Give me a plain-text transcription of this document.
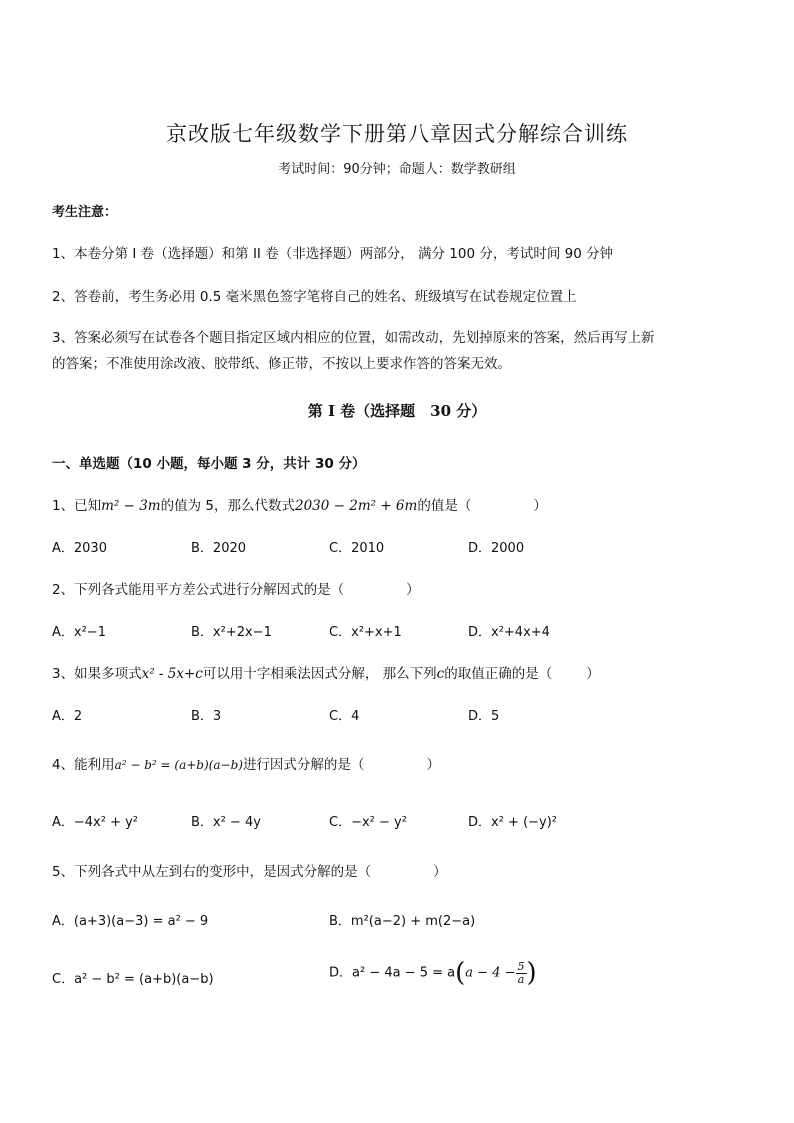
京改版七年级数学下册第八章因式分解综合训练
考试时间：90分钟；命题人：数学教研组
考生注意：
1、本卷分第 I 卷（选择题）和第 II 卷（非选择题）两部分， 满分 100 分，考试时间 90 分钟
2、答卷前，考生务必用 0.5 毫米黑色签字笔将自己的姓名、班级填写在试卷规定位置上
3、答案必须写在试卷各个题目指定区域内相应的位置，如需改动，先划掉原来的答案，然后再写上新
的答案；不准使用涂改液、胶带纸、修正带，不按以上要求作答的答案无效。
第 I 卷（选择题　30 分）
一、单选题（10 小题，每小题 3 分，共计 30 分）
1、已知m² − 3m的值为 5，那么代数式2030 − 2m² + 6m的值是（	）
A．2030	B．2020	C．2010	D．2000
2、下列各式能用平方差公式进行分解因式的是（	）
A．x²−1	B．x²+2x−1	C．x²+x+1	D．x²+4x+4
3、如果多项式x² - 5x+c可以用十字相乘法因式分解， 那么下列c的取值正确的是（	）
A．2	B．3	C．4	D．5
4、能利用a² − b² = (a+b)(a−b)进行因式分解的是（	）
A．−4x² + y²	B．x² − 4y	C．−x² − y²	D．x² + (−y)²
5、下列各式中从左到右的变形中，是因式分解的是（	）
A．(a+3)(a−3) = a² − 9	B．m²(a−2) + m(2−a)
C．a² − b² = (a+b)(a−b)	D．$a^2 - 4a - 5 = a(a - 4 - \frac{5}{a}$ )
